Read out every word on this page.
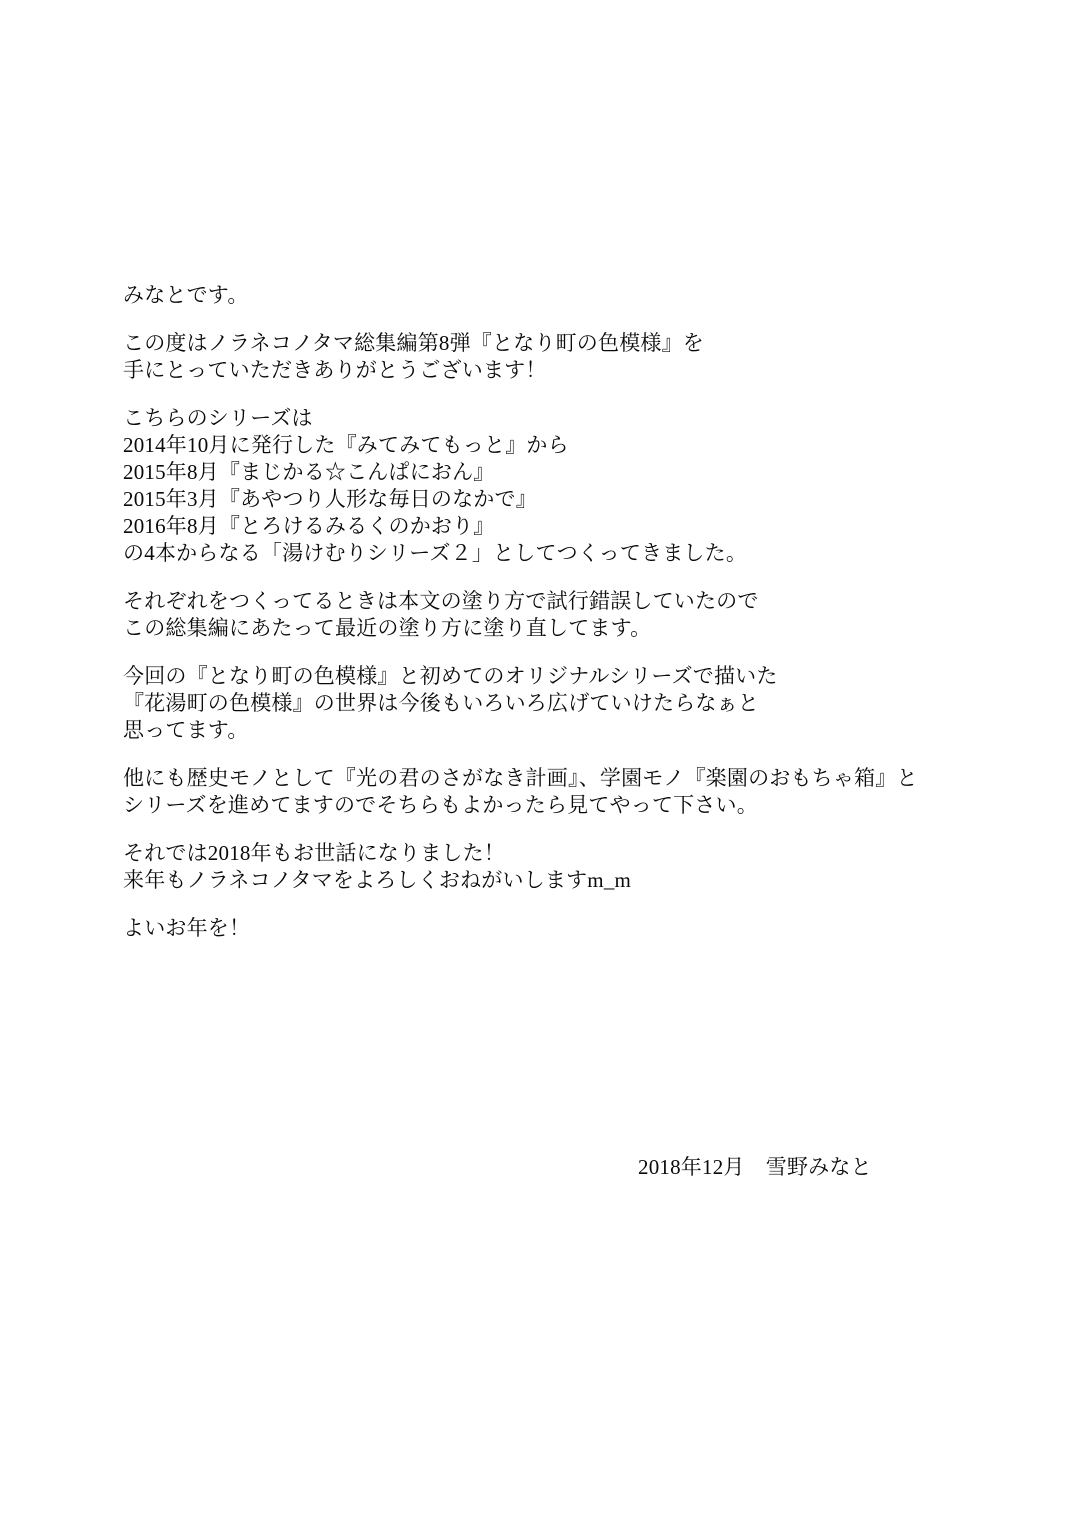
みなとです。
この度はノラネコノタマ総集編第8弾『となり町の色模様』を
手にとっていただきありがとうございます！
こちらのシリーズは
2014年10月に発行した『みてみてもっと』から
2015年8月『まじかる☆こんぱにおん』
2015年3月『あやつり人形な毎日のなかで』
2016年8月『とろけるみるくのかおり』
の4本からなる「湯けむりシリーズ２」としてつくってきました。
それぞれをつくってるときは本文の塗り方で試行錯誤していたので
この総集編にあたって最近の塗り方に塗り直してます。
今回の『となり町の色模様』と初めてのオリジナルシリーズで描いた
『花湯町の色模様』の世界は今後もいろいろ広げていけたらなぁと
思ってます。
他にも歴史モノとして『光の君のさがなき計画』、学園モノ『楽園のおもちゃ箱』と
シリーズを進めてますのでそちらもよかったら見てやって下さい。
それでは2018年もお世話になりました！
来年もノラネコノタマをよろしくおねがいしますm_m
よいお年を！
2018年12月　雪野みなと
